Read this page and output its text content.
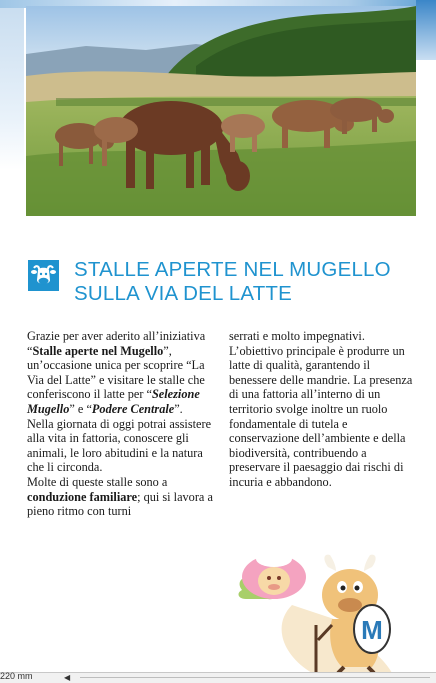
STALLE APERTE NEL MUGELLO
SULLA VIA DEL LATTE

Grazie per aver aderito all’iniziativa “Stalle aperte nel Mugello”, un’occasione unica per scoprire “La Via del Latte” e visitare le stalle che conferiscono il latte per “Selezione Mugello” e “Podere Centrale”.

Nella giornata di oggi potrai assistere alla vita in fattoria, conoscere gli animali, le loro abitudini e la natura che li circonda.

Molte di queste stalle sono a conduzione familiare; qui si lavora a pieno ritmo con turni

serrati e molto impegnativi.

L’obiettivo principale è produrre un latte di qualità, garantendo il benessere delle mandrie. La presenza di una fattoria all’interno di un territorio svolge inoltre un ruolo fondamentale di tutela e conservazione dell’ambiente e della biodiversità, contribuendo a preservare il paesaggio dai rischi di incuria e abbandono.

M
220 mm	◀
